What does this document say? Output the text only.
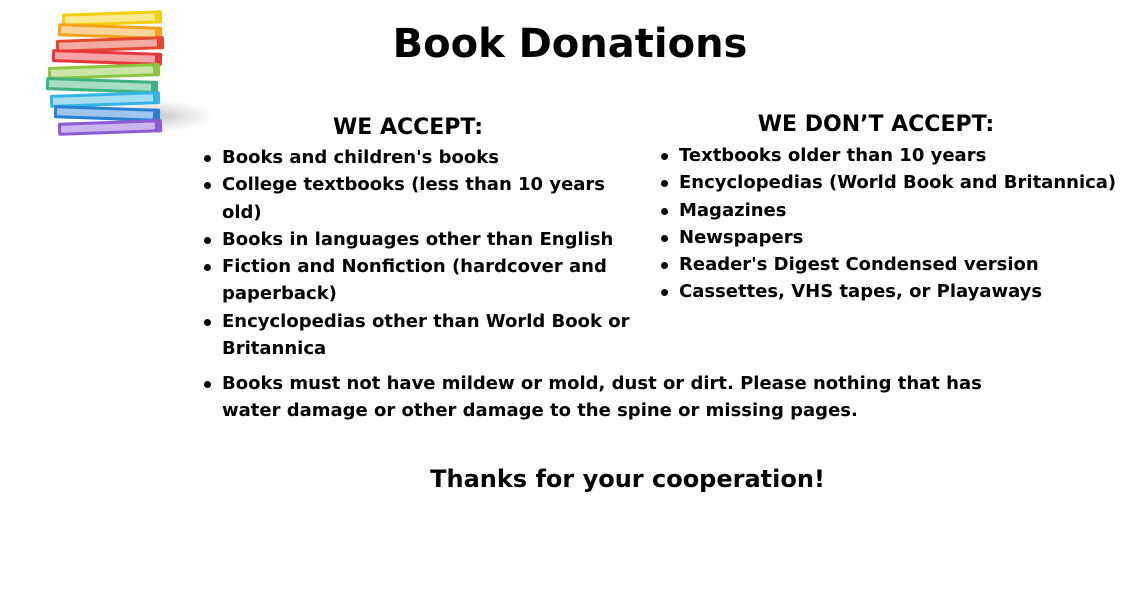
Book Donations
WE ACCEPT:
Books and children's books
College textbooks (less than 10 years old)
Books in languages other than English
Fiction and Nonfiction (hardcover and paperback)
Encyclopedias other than World Book or Britannica
WE DON’T ACCEPT:
Textbooks older than 10 years
Encyclopedias (World Book and Britannica)
Magazines
Newspapers
Reader's Digest Condensed version
Cassettes, VHS tapes, or Playaways
Books must not have mildew or mold, dust or dirt. Please nothing that has water damage or other damage to the spine or missing pages.

Thanks for your cooperation!
